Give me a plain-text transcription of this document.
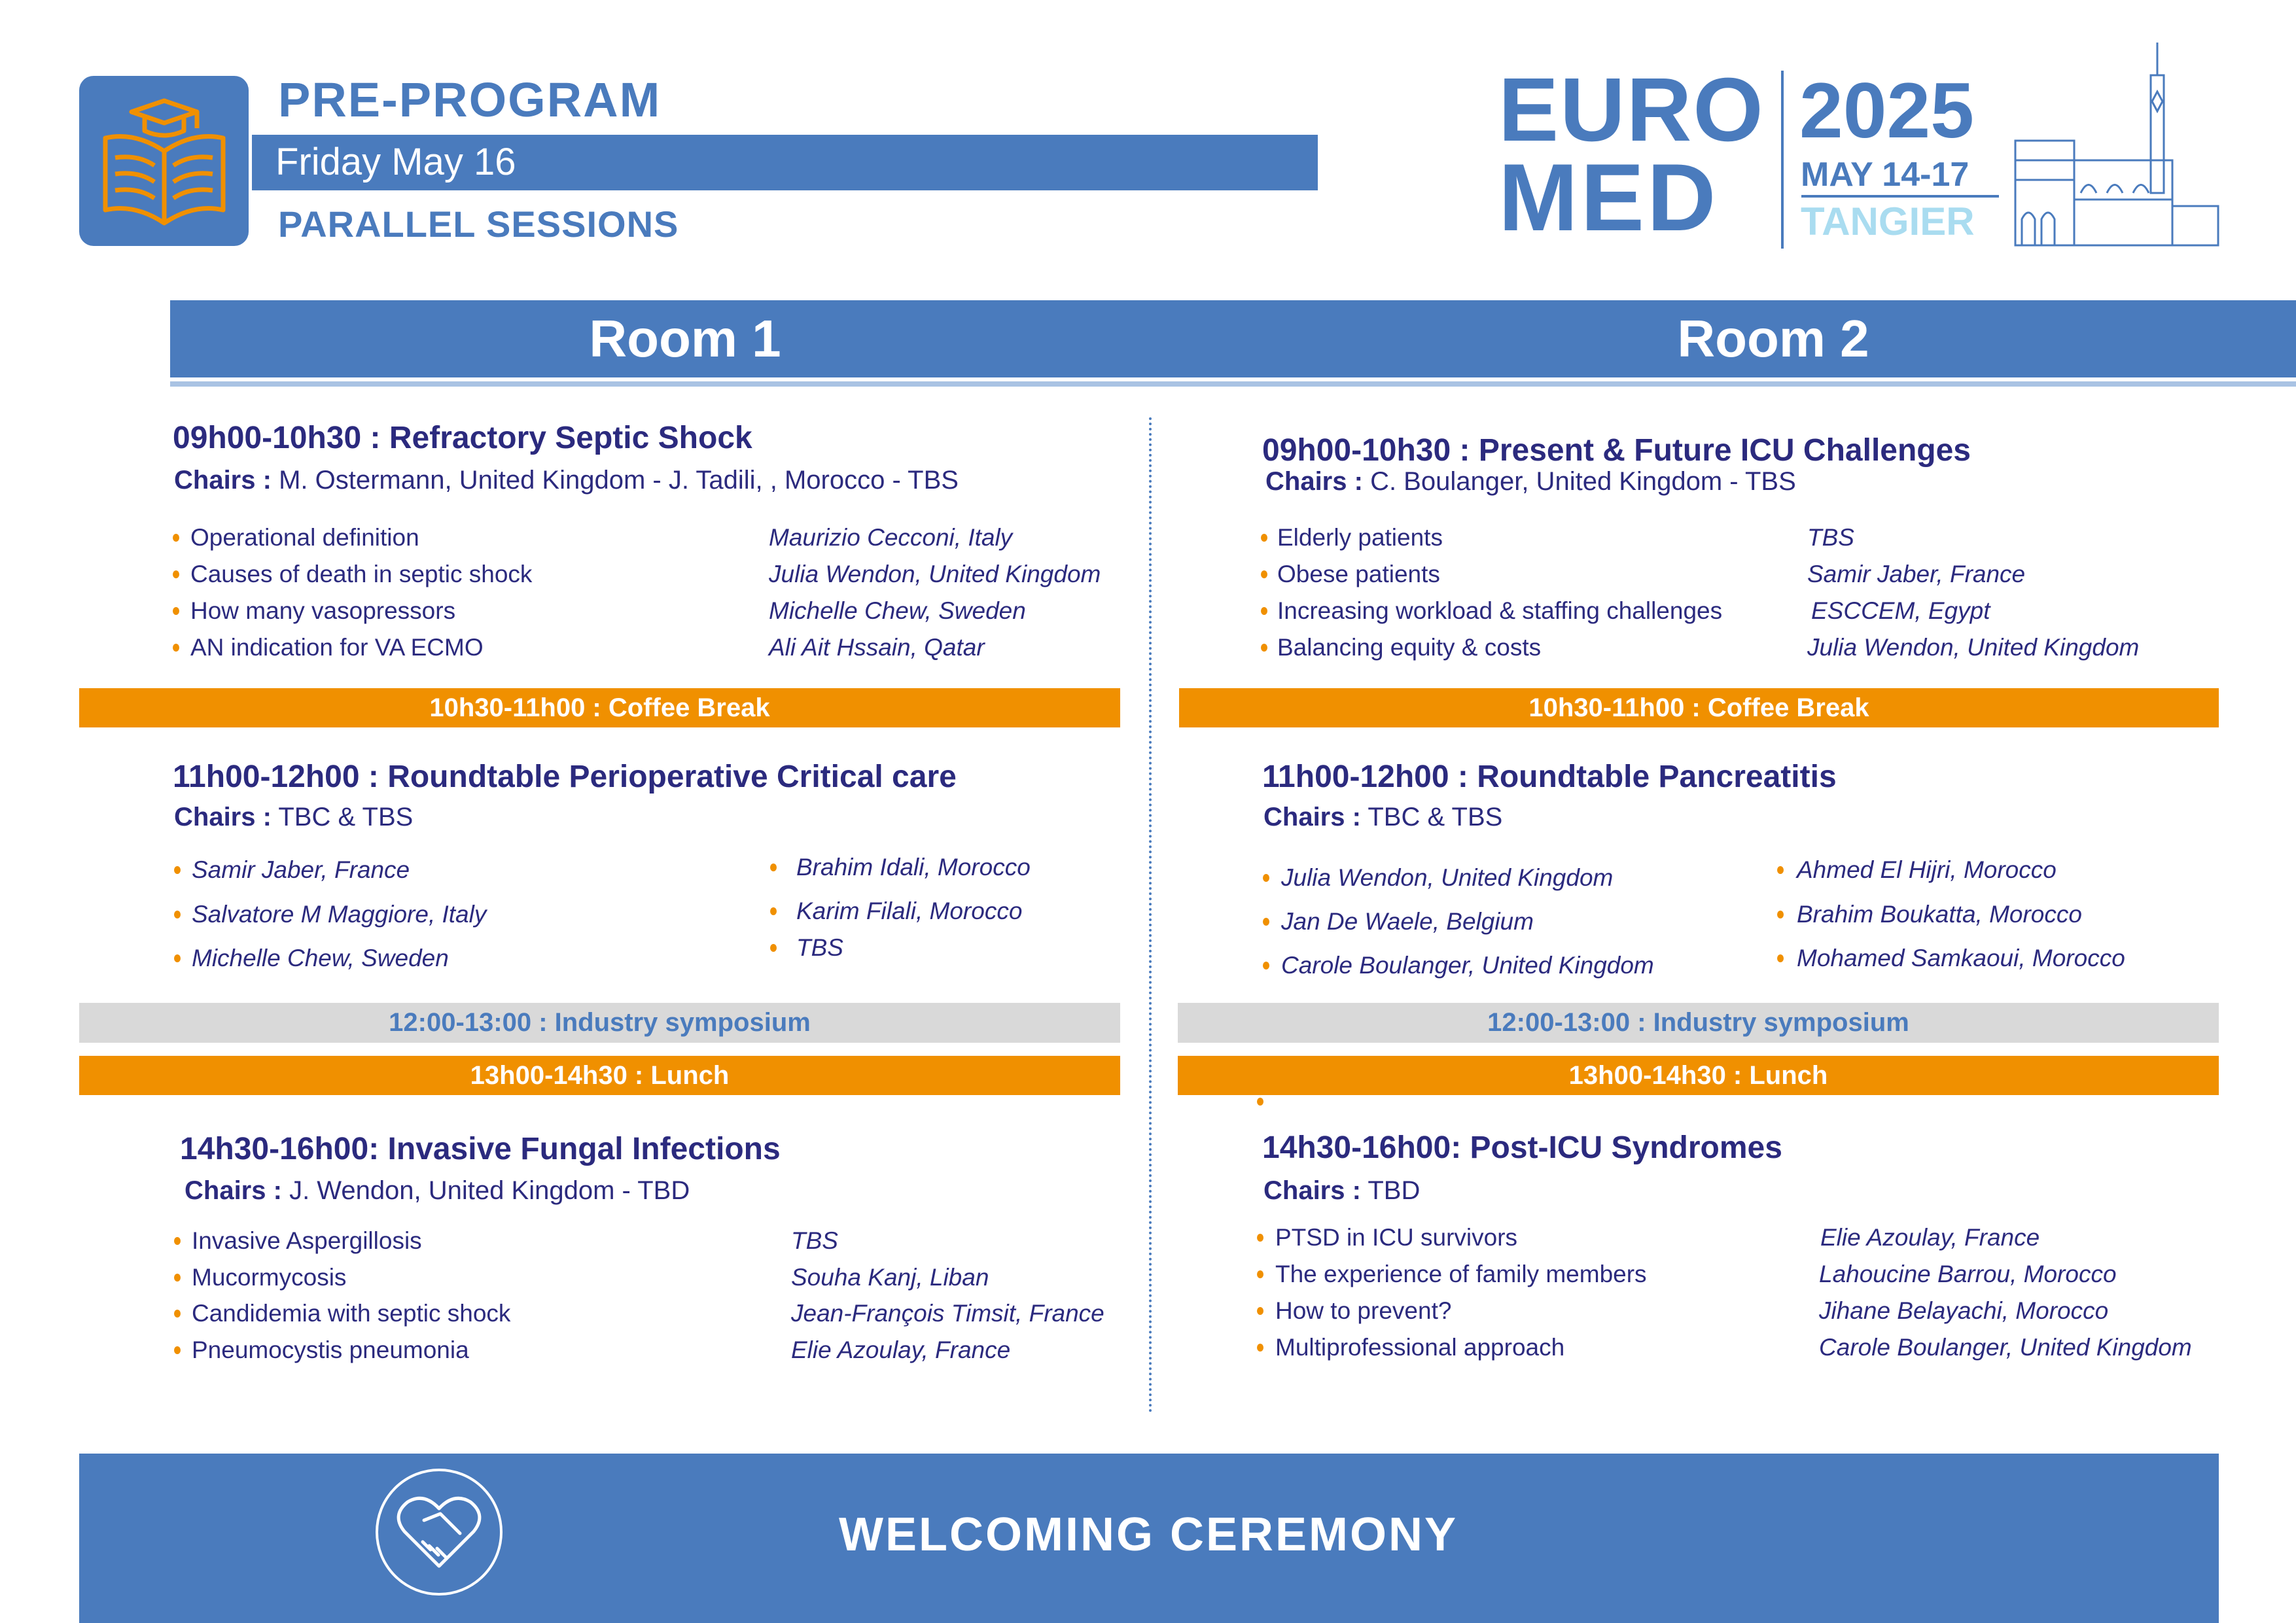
PRE-PROGRAM
Friday May 16
PARALLEL SESSIONS
EURO
MED
2025
MAY 14-17
TANGIER
Room 1	Room 2
09h00-10h30 : Refractory Septic Shock
Chairs : M. Ostermann, United Kingdom - J. Tadili, , Morocco - TBS
Operational definition
Causes of death in septic shock
How many vasopressors
AN indication for VA ECMO
Maurizio Cecconi, Italy
Julia Wendon, United Kingdom
Michelle Chew, Sweden
Ali Ait Hssain, Qatar
10h30-11h00 : Coffee Break
11h00-12h00 : Roundtable Perioperative Critical care
Chairs : TBC & TBS
Samir Jaber, France
Salvatore M Maggiore, Italy
Michelle Chew, Sweden
Brahim Idali, Morocco
Karim Filali, Morocco
TBS
12:00-13:00 : Industry symposium
13h00-14h30 : Lunch
14h30-16h00: Invasive Fungal Infections
Chairs : J. Wendon, United Kingdom - TBD
Invasive Aspergillosis
Mucormycosis
Candidemia with septic shock
Pneumocystis pneumonia
TBS
Souha Kanj, Liban
Jean-François Timsit, France
Elie Azoulay, France
09h00-10h30 : Present & Future ICU Challenges
Chairs : C. Boulanger, United Kingdom - TBS
Elderly patients
Obese patients
Increasing workload & staffing challenges
Balancing equity & costs
TBS
Samir Jaber, France
ESCCEM, Egypt
Julia Wendon, United Kingdom
10h30-11h00 : Coffee Break
11h00-12h00 : Roundtable Pancreatitis
Chairs : TBC & TBS
Julia Wendon, United Kingdom
Jan De Waele, Belgium
Carole Boulanger, United Kingdom
Ahmed El Hijri, Morocco
Brahim Boukatta, Morocco
Mohamed Samkaoui, Morocco
12:00-13:00 : Industry symposium
13h00-14h30 : Lunch
14h30-16h00: Post-ICU Syndromes
Chairs : TBD
PTSD in ICU survivors
The experience of family members
How to prevent?
Multiprofessional approach
Elie Azoulay, France
Lahoucine Barrou, Morocco
Jihane Belayachi, Morocco
Carole Boulanger, United Kingdom
WELCOMING CEREMONY
